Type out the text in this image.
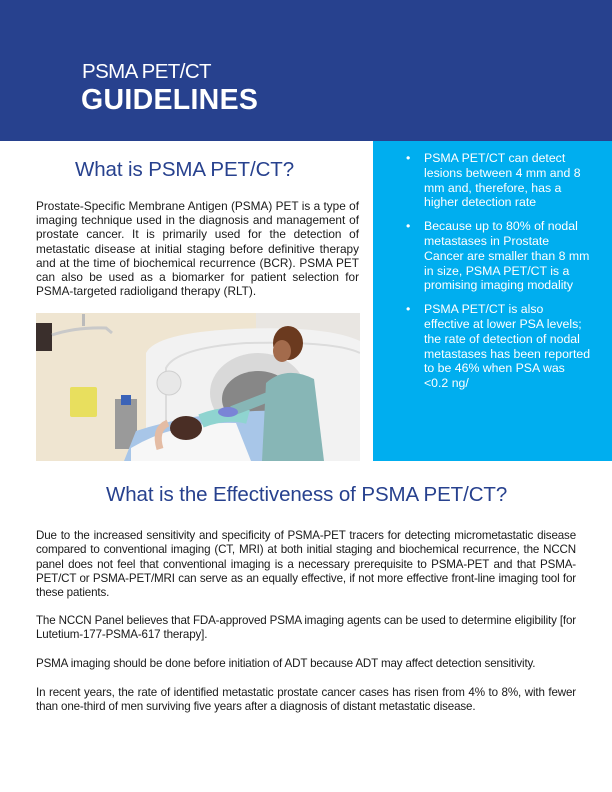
PSMA PET/CT
GUIDELINES
What is PSMA PET/CT?

Prostate-Specific Membrane Antigen (PSMA) PET is a type of imaging technique used in the diagnosis and management of prostate cancer. It is primarily used for the detection of metastatic disease at initial staging before definitive therapy and at the time of biochemical recurrence (BCR). PSMA PET can also be used as a biomarker for patient selection for PSMA-targeted radioligand therapy (RLT).

• PSMA PET/CT can detect lesions between 4 mm and 8 mm and, therefore, has a higher detection rate
• Because up to 80% of nodal metastases in Prostate Cancer are smaller than 8 mm in size, PSMA PET/CT is a promising imaging modality
• PSMA PET/CT is also effective at lower PSA levels; the rate of detection of nodal metastases has been reported to be 46% when PSA was <0.2 ng/
What is the Effectiveness of PSMA PET/CT?

Due to the increased sensitivity and specificity of PSMA-PET tracers for detecting micrometastatic disease compared to conventional imaging (CT, MRI) at both initial staging and biochemical recurrence, the NCCN panel does not feel that conventional imaging is a necessary prerequisite to PSMA-PET and that PSMA-PET/CT or PSMA-PET/MRI can serve as an equally effective, if not more effective front-line imaging tool for these patients.

The NCCN Panel believes that FDA-approved PSMA imaging agents can be used to determine eligibility [for Lutetium-177-PSMA-617 therapy].

PSMA imaging should be done before initiation of ADT because ADT may affect detection sensitivity.

In recent years, the rate of identified metastatic prostate cancer cases has risen from 4% to 8%, with fewer than one-third of men surviving five years after a diagnosis of distant metastatic disease.
